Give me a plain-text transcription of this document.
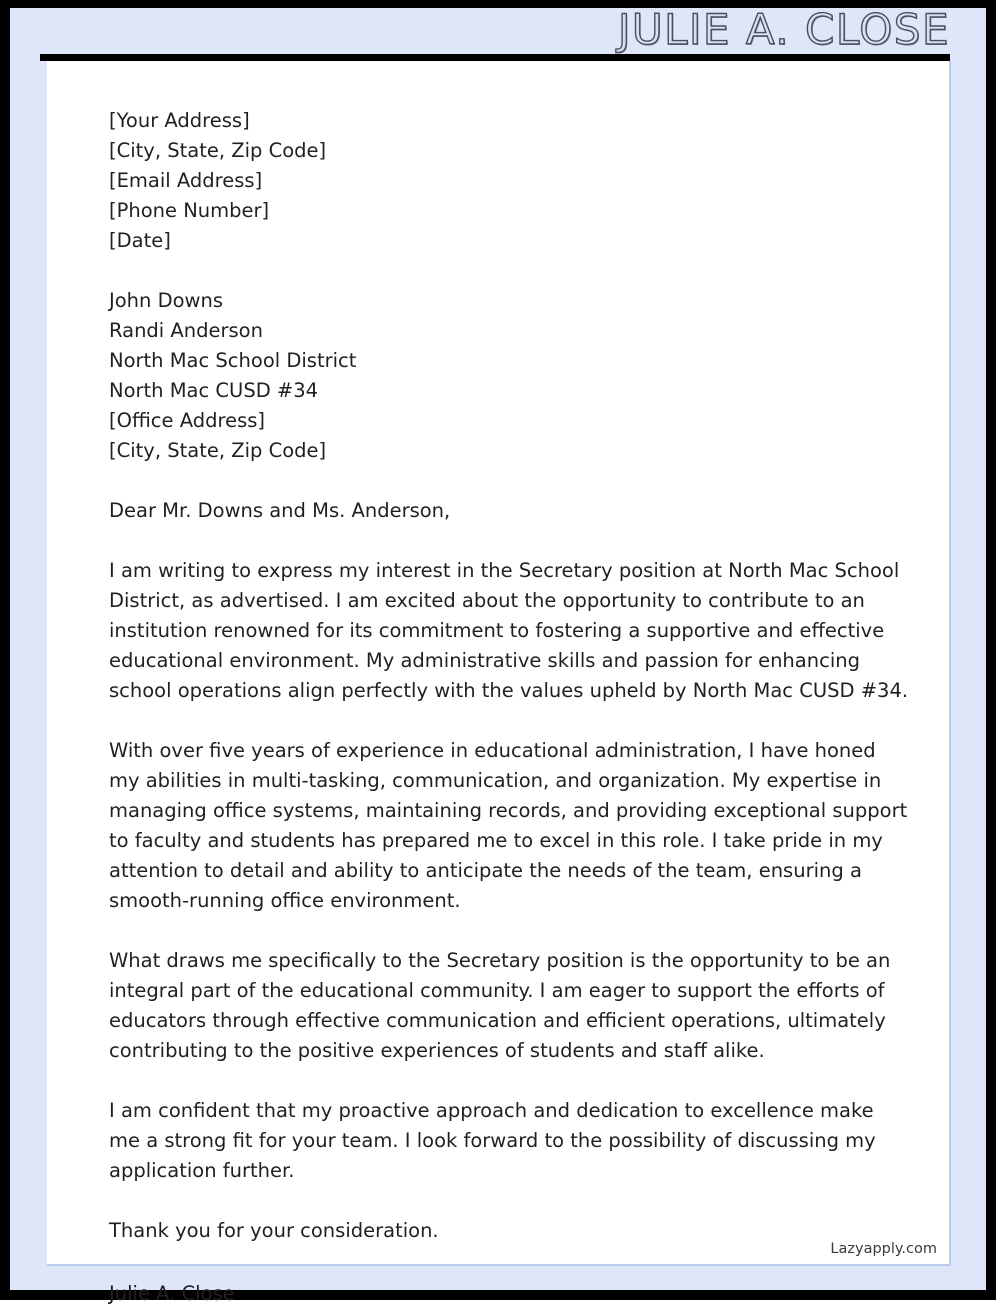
JULIE A. CLOSE
[Your Address]
[City, State, Zip Code]
[Email Address]
[Phone Number]
[Date]
John Downs
Randi Anderson
North Mac School District
North Mac CUSD #34
[Office Address]
[City, State, Zip Code]
Dear Mr. Downs and Ms. Anderson,
I am writing to express my interest in the Secretary position at North Mac School District, as advertised. I am excited about the opportunity to contribute to an institution renowned for its commitment to fostering a supportive and effective educational environment. My administrative skills and passion for enhancing school operations align perfectly with the values upheld by North Mac CUSD #34.
With over five years of experience in educational administration, I have honed my abilities in multi-tasking, communication, and organization. My expertise in managing office systems, maintaining records, and providing exceptional support to faculty and students has prepared me to excel in this role. I take pride in my attention to detail and ability to anticipate the needs of the team, ensuring a smooth-running office environment.
What draws me specifically to the Secretary position is the opportunity to be an integral part of the educational community. I am eager to support the efforts of educators through effective communication and efficient operations, ultimately contributing to the positive experiences of students and staff alike.
I am confident that my proactive approach and dedication to excellence make me a strong fit for your team. I look forward to the possibility of discussing my application further.
Thank you for your consideration.
Lazyapply.com
Julie A. Close
